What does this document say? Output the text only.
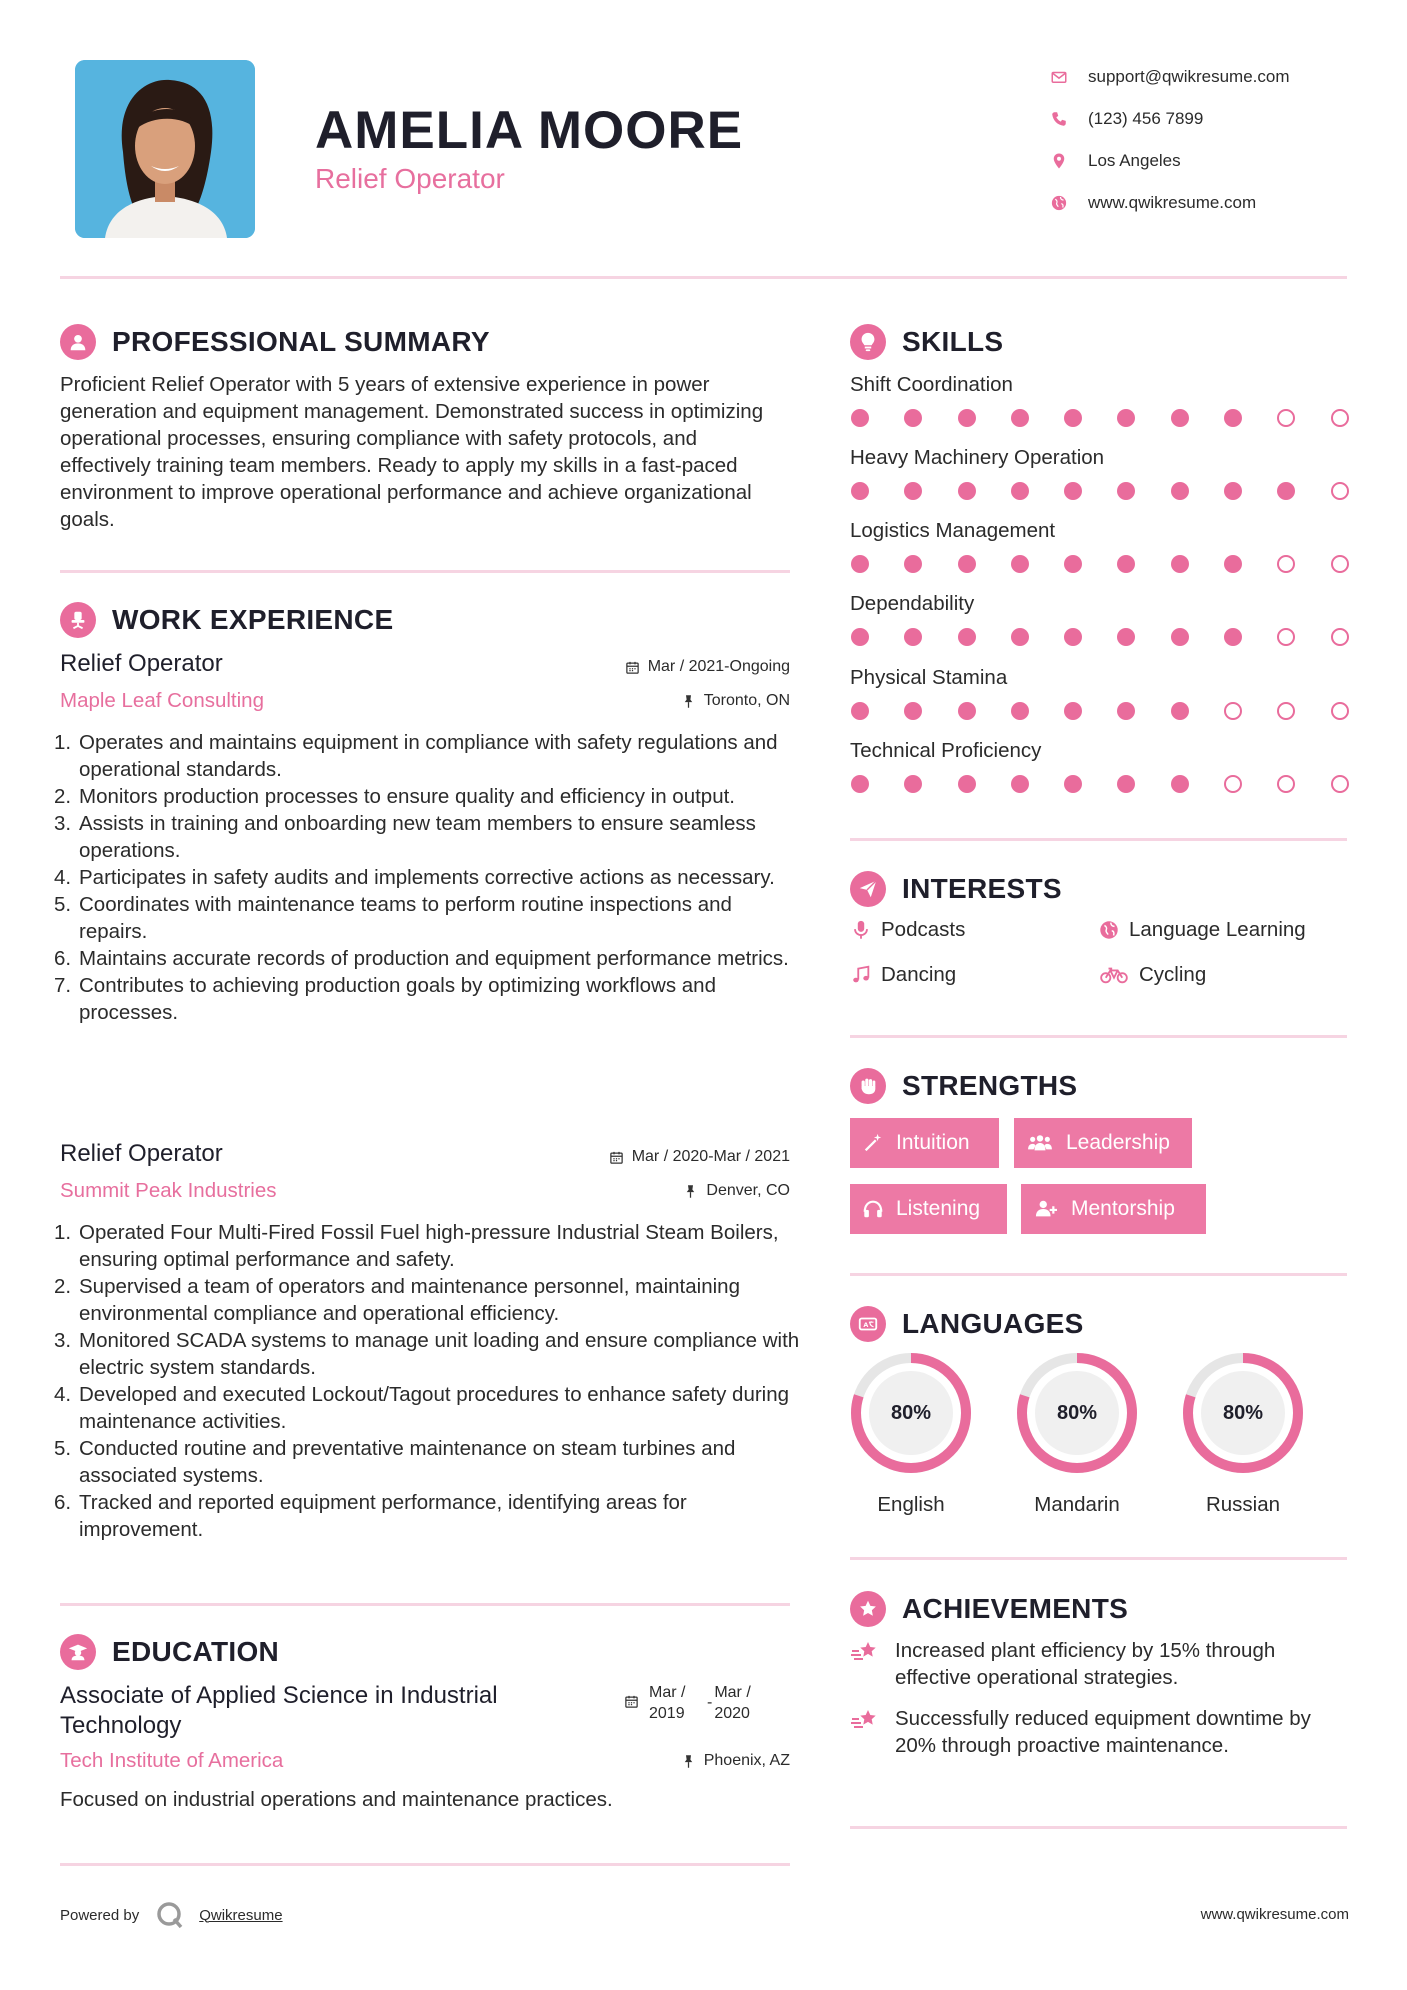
AMELIA MOORE
Relief Operator
support@qwikresume.com
(123) 456 7899
Los Angeles
www.qwikresume.com
PROFESSIONAL SUMMARY
Proficient Relief Operator with 5 years of extensive experience in power generation and equipment management. Demonstrated success in optimizing operational processes, ensuring compliance with safety protocols, and effectively training team members. Ready to apply my skills in a fast-paced environment to improve operational performance and achieve organizational goals.
WORK EXPERIENCE
Relief Operator	Mar / 2021-Ongoing
Maple Leaf Consulting	Toronto, ON
1. Operates and maintains equipment in compliance with safety regulations and operational standards.
2. Monitors production processes to ensure quality and efficiency in output.
3. Assists in training and onboarding new team members to ensure seamless operations.
4. Participates in safety audits and implements corrective actions as necessary.
5. Coordinates with maintenance teams to perform routine inspections and repairs.
6. Maintains accurate records of production and equipment performance metrics.
7. Contributes to achieving production goals by optimizing workflows and processes.
Relief Operator	Mar / 2020-Mar / 2021
Summit Peak Industries	Denver, CO
1. Operated Four Multi-Fired Fossil Fuel high-pressure Industrial Steam Boilers, ensuring optimal performance and safety.
2. Supervised a team of operators and maintenance personnel, maintaining environmental compliance and operational efficiency.
3. Monitored SCADA systems to manage unit loading and ensure compliance with electric system standards.
4. Developed and executed Lockout/Tagout procedures to enhance safety during maintenance activities.
5. Conducted routine and preventative maintenance on steam turbines and associated systems.
6. Tracked and reported equipment performance, identifying areas for improvement.
EDUCATION
Associate of Applied Science in Industrial Technology
Mar / 2019
-
Mar / 2020
Tech Institute of America	Phoenix, AZ
Focused on industrial operations and maintenance practices.
SKILLS
Shift Coordination
Heavy Machinery Operation
Logistics Management
Dependability
Physical Stamina
Technical Proficiency
INTERESTS
Podcasts	Language Learning
Dancing	Cycling
STRENGTHS
Intuition	Leadership
Listening	Mentorship
A LANGUAGES
80%
English
80%
Mandarin
80%
Russian
ACHIEVEMENTS
Increased plant efficiency by 15% through effective operational strategies.
Successfully reduced equipment downtime by 20% through proactive maintenance.
Powered by	Qwikresume	www.qwikresume.com
